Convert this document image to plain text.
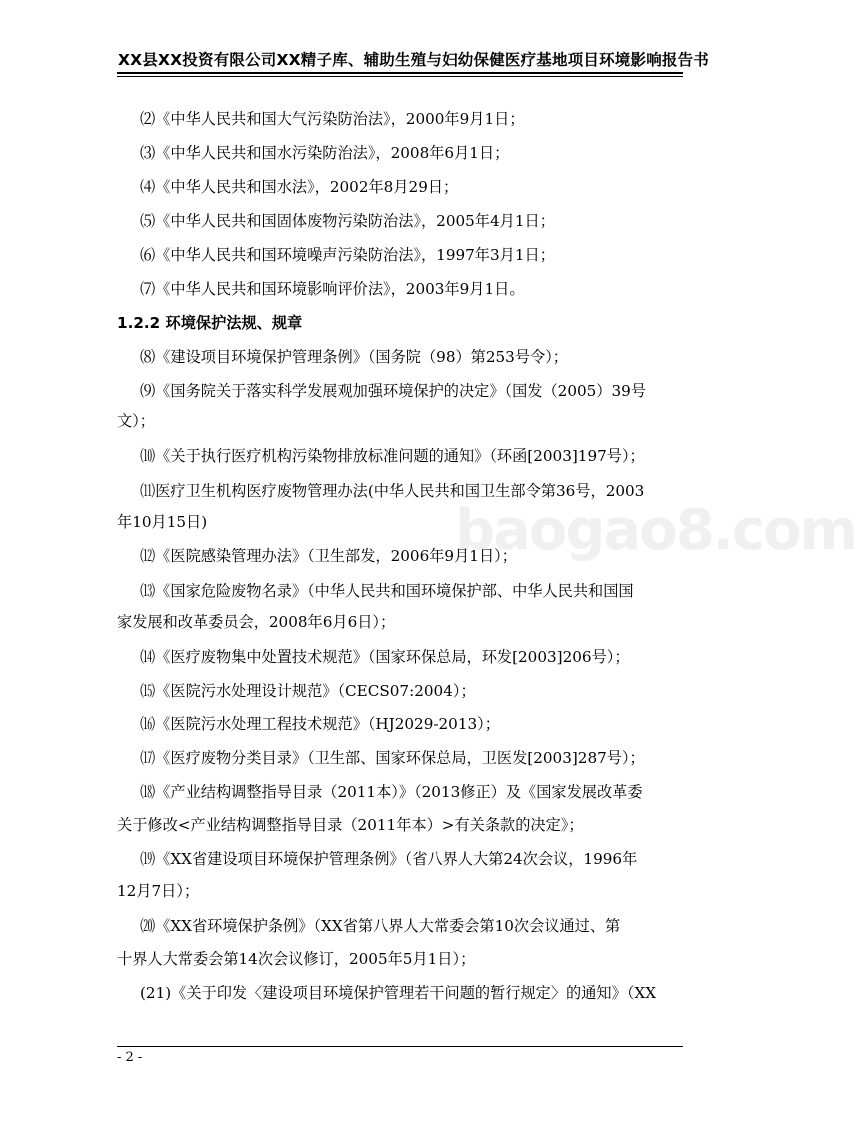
XX县XX投资有限公司XX精子库、辅助生殖与妇幼保健医疗基地项目环境影响报告书
baogao8.com
⑵《中华人民共和国大气污染防治法》，2000年9月1日；
⑶《中华人民共和国水污染防治法》，2008年6月1日；
⑷《中华人民共和国水法》，2002年8月29日；
⑸《中华人民共和国固体废物污染防治法》，2005年4月1日；
⑹《中华人民共和国环境噪声污染防治法》，1997年3月1日；
⑺《中华人民共和国环境影响评价法》，2003年9月1日。
1.2.2 环境保护法规、规章
⑻《建设项目环境保护管理条例》（国务院（98）第253号令）；
⑼《国务院关于落实科学发展观加强环境保护的决定》（国发（2005）39号
文）；
⑽《关于执行医疗机构污染物排放标准问题的通知》（环函[2003]197号）；
⑾医疗卫生机构医疗废物管理办法(中华人民共和国卫生部令第36号，2003
年10月15日)
⑿《医院感染管理办法》（卫生部发，2006年9月1日）；
⒀《国家危险废物名录》（中华人民共和国环境保护部、中华人民共和国国
家发展和改革委员会，2008年6月6日）；
⒁《医疗废物集中处置技术规范》（国家环保总局，环发[2003]206号）；
⒂《医院污水处理设计规范》（CECS07:2004）；
⒃《医院污水处理工程技术规范》（HJ2029-2013）；
⒄《医疗废物分类目录》（卫生部、国家环保总局，卫医发[2003]287号）；
⒅《产业结构调整指导目录（2011本）》（2013修正）及《国家发展改革委
关于修改<产业结构调整指导目录（2011年本）>有关条款的决定》；
⒆《XX省建设项目环境保护管理条例》（省八界人大第24次会议，1996年
12月7日）；
⒇《XX省环境保护条例》（XX省第八界人大常委会第10次会议通过、第
十界人大常委会第14次会议修订，2005年5月1日）；
(21)《关于印发〈建设项目环境保护管理若干问题的暂行规定〉的通知》（XX
- 2 -
